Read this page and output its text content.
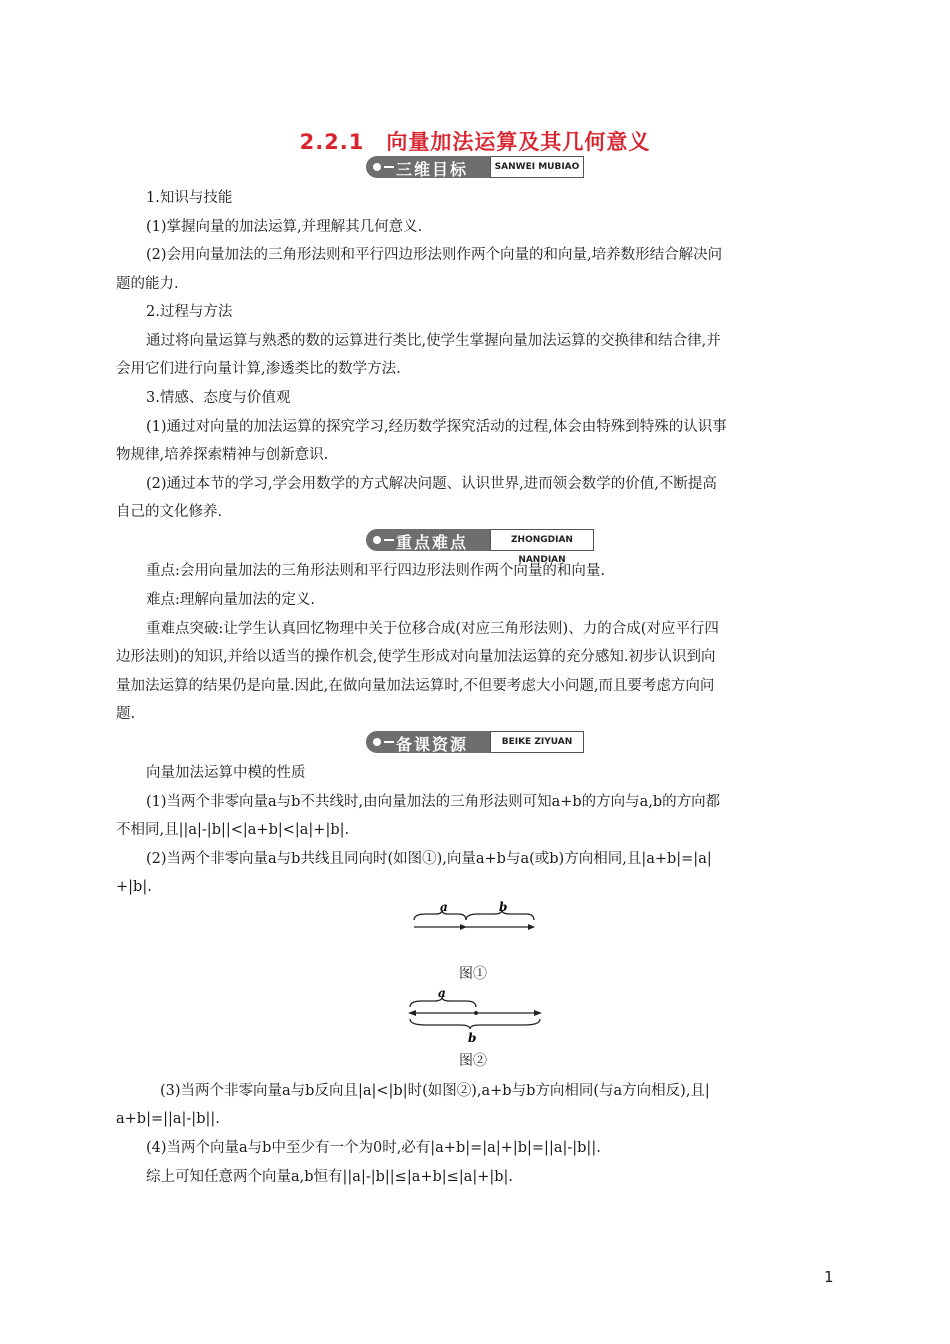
2.2.1　向量加法运算及其几何意义
三维目标	SANWEI MUBIAO
1.知识与技能
(1)掌握向量的加法运算,并理解其几何意义.
(2)会用向量加法的三角形法则和平行四边形法则作两个向量的和向量,培养数形结合解决问
题的能力.
2.过程与方法
通过将向量运算与熟悉的数的运算进行类比,使学生掌握向量加法运算的交换律和结合律,并
会用它们进行向量计算,渗透类比的数学方法.
3.情感、态度与价值观
(1)通过对向量的加法运算的探究学习,经历数学探究活动的过程,体会由特殊到特殊的认识事
物规律,培养探索精神与创新意识.
(2)通过本节的学习,学会用数学的方式解决问题、认识世界,进而领会数学的价值,不断提高
自己的文化修养.
重点难点	ZHONGDIAN NANDIAN
重点:会用向量加法的三角形法则和平行四边形法则作两个向量的和向量.
难点:理解向量加法的定义.
重难点突破:让学生认真回忆物理中关于位移合成(对应三角形法则)、力的合成(对应平行四
边形法则)的知识,并给以适当的操作机会,使学生形成对向量加法运算的充分感知.初步认识到向
量加法运算的结果仍是向量.因此,在做向量加法运算时,不但要考虑大小问题,而且要考虑方向问
题.
备课资源	BEIKE ZIYUAN
向量加法运算中模的性质
(1)当两个非零向量a与b不共线时,由向量加法的三角形法则可知a+b的方向与a,b的方向都
不相同,且||a|-|b||<|a+b|<|a|+|b|.
(2)当两个非零向量a与b共线且同向时(如图①),向量a+b与a(或b)方向相同,且|a+b|=|a|
+|b|.
a	b
图①
a
b
图②
(3)当两个非零向量a与b反向且|a|<|b|时(如图②),a+b与b方向相同(与a方向相反),且|
a+b|=||a|-|b||.
(4)当两个向量a与b中至少有一个为0时,必有|a+b|=|a|+|b|=||a|-|b||.
综上可知任意两个向量a,b恒有||a|-|b||≤|a+b|≤|a|+|b|.
1
